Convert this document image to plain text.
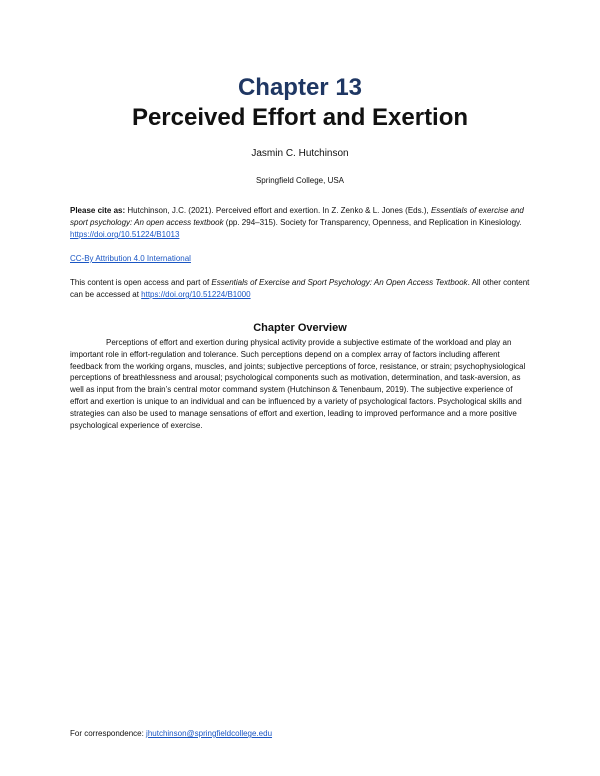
Chapter 13
Perceived Effort and Exertion
Jasmin C. Hutchinson
Springfield College, USA
Please cite as: Hutchinson, J.C. (2021). Perceived effort and exertion. In Z. Zenko & L. Jones (Eds.), Essentials of exercise and sport psychology: An open access textbook (pp. 294–315). Society for Transparency, Openness, and Replication in Kinesiology. https://doi.org/10.51224/B1013
CC-By Attribution 4.0 International
This content is open access and part of Essentials of Exercise and Sport Psychology: An Open Access Textbook. All other content can be accessed at https://doi.org/10.51224/B1000
Chapter Overview
Perceptions of effort and exertion during physical activity provide a subjective estimate of the workload and play an important role in effort-regulation and tolerance. Such perceptions depend on a complex array of factors including afferent feedback from the working organs, muscles, and joints; subjective perceptions of force, resistance, or strain; psychophysiological perceptions of breathlessness and arousal; psychological components such as motivation, determination, and task-aversion, as well as input from the brain’s central motor command system (Hutchinson & Tenenbaum, 2019). The subjective experience of effort and exertion is unique to an individual and can be influenced by a variety of psychological factors. Psychological skills and strategies can also be used to manage sensations of effort and exertion, leading to improved performance and a more positive psychological experience of exercise.
For correspondence: jhutchinson@springfieldcollege.edu
